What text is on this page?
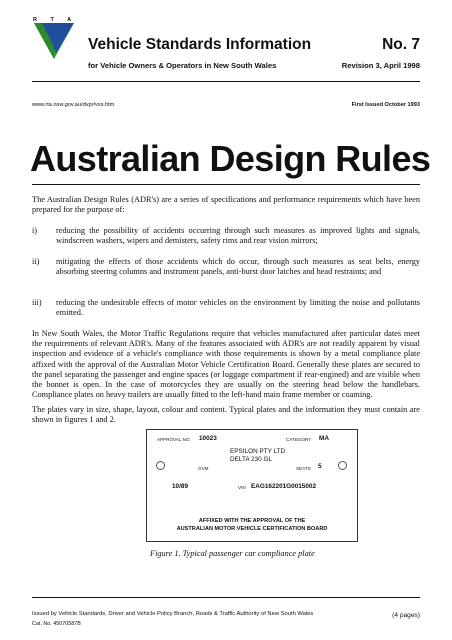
R T A
Vehicle Standards Information	No. 7
for Vehicle Owners & Operators in New South Wales	Revision 3, April 1998
www.rta.nsw.gov.au/dvpr/vss.htm	First Issued October 1993
Australian Design Rules
The Australian Design Rules (ADR's) are a series of specifications and performance requirements which have been prepared for the purpose of:
i) reducing the possibility of accidents occurring through such measures as improved lights and signals, windscreen washers, wipers and demisters, safety rims and rear vision mirrors;
ii) mitigating the effects of those accidents which do occur, through such measures as seat belts, energy absorbing steering columns and instrument panels, anti-burst door latches and head restraints; and
iii) reducing the undesirable effects of motor vehicles on the environment by limiting the noise and pollutants emitted.
In New South Wales, the Motor Traffic Regulations require that vehicles manufactured after particular dates meet the requirements of relevant ADR's. Many of the features associated with ADR's are not readily apparent by visual inspection and evidence of a vehicle's compliance with those requirements is shown by a metal compliance plate affixed with the approval of the Australian Motor Vehicle Certification Board. Generally these plates are secured to the panel separating the passenger and engine spaces (or luggage compartment if rear-engined) and are visible when the bonnet is open. In the case of motorcycles they are usually on the steering head below the handlebars. Compliance plates on heavy trailers are usually fitted to the left-hand main frame member or coaming.
The plates vary in size, shape, layout, colour and content. Typical plates and the information they must contain are shown in figures 1 and 2.
APPROVAL NO. 10023	CATEGORY MA
EPSILON PTY LTD
DELTA 230 GL
GVM	SEATS 5
10/89	VIN EAG162201G0015002
AFFIXED WITH THE APPROVAL OF THE
AUSTRALIAN MOTOR VEHICLE CERTIFICATION BOARD
Figure 1. Typical passenger car compliance plate
Issued by Vehicle Standards, Driver and Vehicle Policy Branch, Roads & Traffic Authority of New South Wales	(4 pages)
Cat. No. 45070587B
